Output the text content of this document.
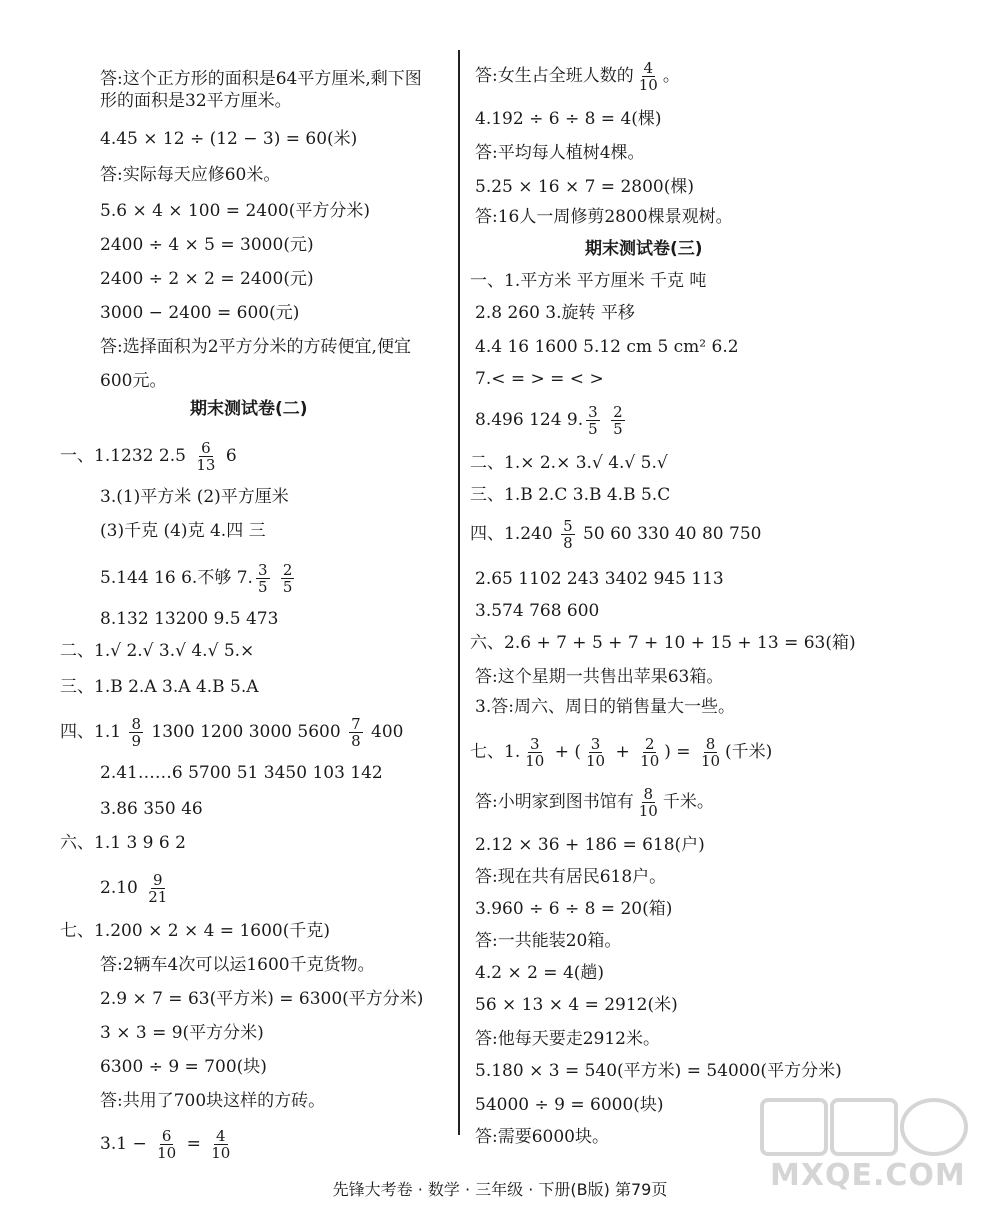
答:这个正方形的面积是64平方厘米,剩下图
形的面积是32平方厘米。
4.45 × 12 ÷ (12 − 3) = 60(米)
答:实际每天应修60米。
5.6 × 4 × 100 = 2400(平方分米)
2400 ÷ 4 × 5 = 3000(元)
2400 ÷ 2 × 2 = 2400(元)
3000 − 2400 = 600(元)
答:选择面积为2平方分米的方砖便宜,便宜
600元。
期末测试卷(二)
一、1.1232 $2.5 \frac{6}{13} 6$
3.(1)平方米 (2)平方厘米
(3)千克 (4)克 4.四 三
5.144 16 6.不够 7. $\frac{3}{5}$
$\frac{2}{5}$
8.132 13200 9.5 473
二、1.√ 2.√ 3.√ 4.√ 5.×
三、1.B 2.A 3.A 4.B 5.A
四、$1.1 \frac{8}{9} 1300$ 1200 3000 $5600 \frac{7}{8} 400$
2.41……6 5700 51 3450 103 142
3.86 350 46
六、1.1 3 9 6 2
$2.10 \frac{9}{21}$
七、1.200 × 2 × 4 = 1600(千克)
答:2辆车4次可以运1600千克货物。
2.9 × 7 = 63(平方米) = 6300(平方分米)
3 × 3 = 9(平方分米)
6300 ÷ 9 = 700(块)
答:共用了700块这样的方砖。
$3.1 - \frac{6}{10} = \frac{4}{10}$
答:女生占全班人数的 $\frac{4}{10}$ 。
4.192 ÷ 6 ÷ 8 = 4(棵)
答:平均每人植树4棵。
5.25 × 16 × 7 = 2800(棵)
答:16人一周修剪2800棵景观树。
期末测试卷(三)
一、1.平方米 平方厘米 千克 吨
2.8 260 3.旋转 平移
4.4 16 1600 5.12 cm 5 cm² 6.2
7.< = > = < >
8.496 124 9. $\frac{3}{5}$
$\frac{2}{5}$
二、1.× 2.× 3.√ 4.√ 5.√
三、1.B 2.C 3.B 4.B 5.C
四、$1.240 \frac{5}{8} 50$ 60 330 40 80 750
2.65 1102 243 3402 945 113
3.574 768 600
六、2.6 + 7 + 5 + 7 + 10 + 15 + 13 = 63(箱)
答:这个星期一共售出苹果63箱。
3.答:周六、周日的销售量大一些。
七、1. $\frac{3}{10}$ + ( $\frac{3}{10} + \frac{2}{10}$ ) = $\frac{8}{10}$ (千米)
答:小明家到图书馆有 $\frac{8}{10}$ 千米。
2.12 × 36 + 186 = 618(户)
答:现在共有居民618户。
3.960 ÷ 6 ÷ 8 = 20(箱)
答:一共能装20箱。
4.2 × 2 = 4(趟)
56 × 13 × 4 = 2912(米)
答:他每天要走2912米。
5.180 × 3 = 540(平方米) = 54000(平方分米)
54000 ÷ 9 = 6000(块)
答:需要6000块。
先锋大考卷 · 数学 · 三年级 · 下册(B版) 第79页	MXQE.COM
